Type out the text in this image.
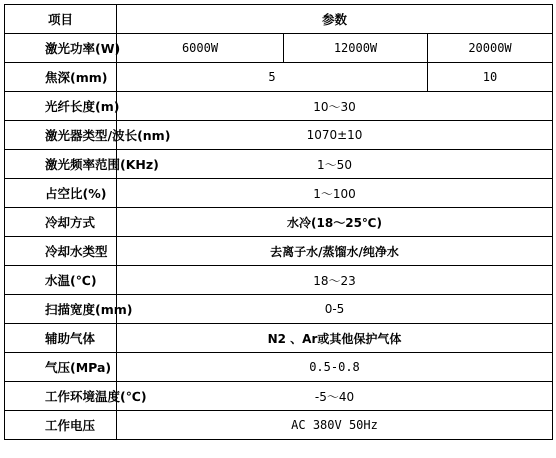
项目	参数		
激光功率(W)	6000W	12000W	20000W
焦深(mm)	5		10
光纤长度(m)	10～30		
激光器类型/波长(nm)	1070±10		
激光频率范围(KHz)	1～50		
占空比(%)	1～100		
冷却方式	水冷(18～25℃)		
冷却水类型	去离子水/蒸馏水/纯净水		
水温(℃)	18～23		
扫描宽度(mm)	0-5		
辅助气体	N2 、Ar或其他保护气体		
气压(MPa)	0.5-0.8		
工作环境温度(℃)	-5～40		
工作电压	AC 380V 50Hz		
